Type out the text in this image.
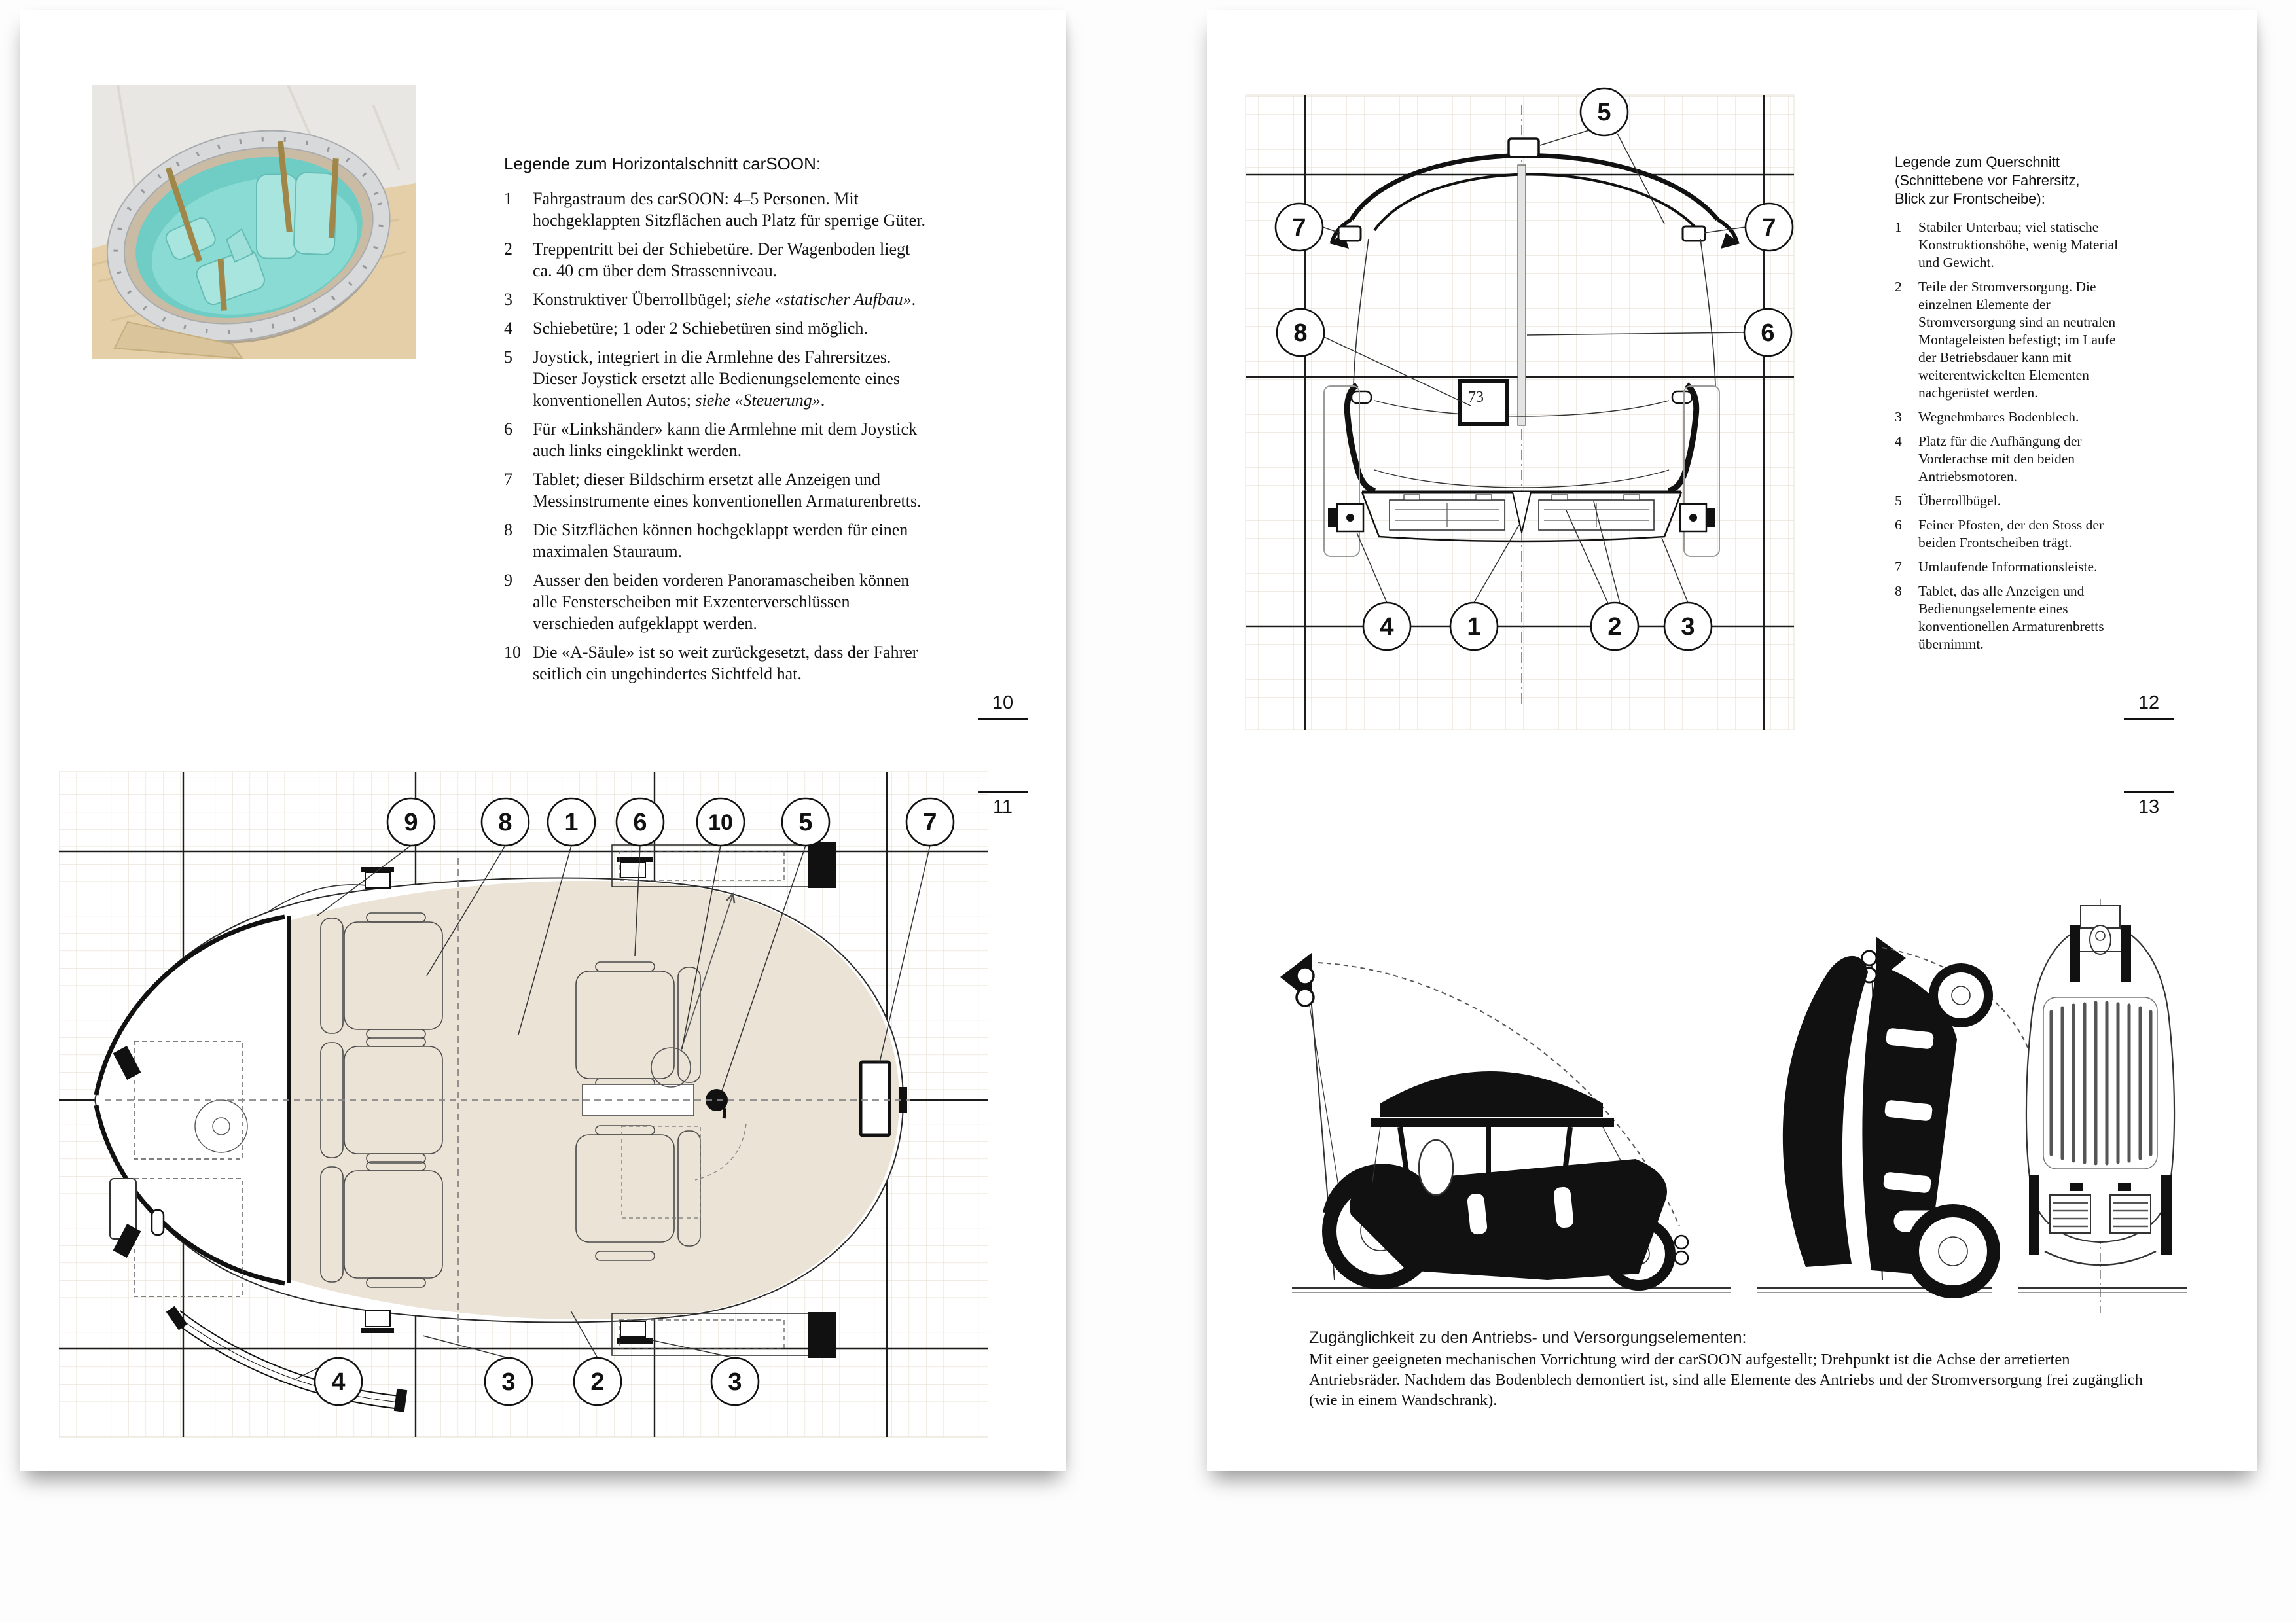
Legende zum Horizontalschnitt carSOON:
1	Fahrgastraum des carSOON: 4–5 Personen. Mit hochgeklappten Sitzflächen auch Platz für sperrige Güter.
2	Treppentritt bei der Schiebetüre. Der Wagenboden liegt ca. 40 cm über dem Strassenniveau.
3	Konstruktiver Überrollbügel; siehe «statischer Aufbau».
4	Schiebetüre; 1 oder 2 Schiebetüren sind möglich.
5	Joystick, integriert in die Armlehne des Fahrersitzes. Dieser Joystick ersetzt alle Bedienungselemente eines konventionellen Autos; siehe «Steuerung».
6	Für «Linkshänder» kann die Armlehne mit dem Joystick auch links eingeklinkt werden.
7	Tablet; dieser Bildschirm ersetzt alle Anzeigen und Messinstrumente eines konventionellen Armaturenbretts.
8	Die Sitzflächen können hochgeklappt werden für einen maximalen Stauraum.
9	Ausser den beiden vorderen Panoramascheiben können alle Fensterscheiben mit Exzenterverschlüssen verschieden aufgeklappt werden.
10 Die «A-Säule» ist so weit zurückgesetzt, dass der Fahrer seitlich ein ungehindertes Sichtfeld hat.
10
11
9	8 1 6	10	5	7
4	3	2	3
73
5
7	7
8	6
4	1	2 3
Legende zum Querschnitt
(Schnittebene vor Fahrersitz,
Blick zur Frontscheibe):
1	Stabiler Unterbau; viel statische Konstruktionshöhe, wenig Material und Gewicht.
2	Teile der Stromversorgung. Die einzelnen Elemente der Stromversorgung sind an neutralen Montageleisten befestigt; im Laufe der Betriebsdauer kann mit weiterentwickelten Elementen nachgerüstet werden.
3	Wegnehmbares Bodenblech.
4	Platz für die Aufhängung der Vorderachse mit den beiden Antriebsmotoren.
5	Überrollbügel.
6	Feiner Pfosten, der den Stoss der beiden Frontscheiben trägt.
7	Umlaufende Informationsleiste.
8	Tablet, das alle Anzeigen und Bedienungselemente eines konventionellen Armaturenbretts übernimmt.
12
13
Zugänglichkeit zu den Antriebs- und Versorgungselementen:
Mit einer geeigneten mechanischen Vorrichtung wird der carSOON aufgestellt; Drehpunkt ist die Achse der arretierten Antriebsräder. Nachdem das Bodenblech demontiert ist, sind alle Elemente des Antriebs und der Stromversorgung frei zugänglich (wie in einem Wandschrank).
